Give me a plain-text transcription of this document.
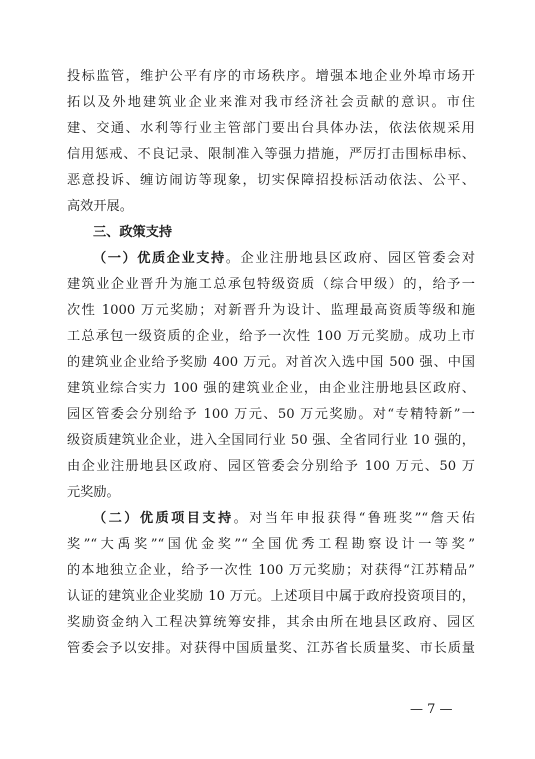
投标监管，维护公平有序的市场秩序。增强本地企业外埠市场开
拓以及外地建筑业企业来淮对我市经济社会贡献的意识。市住
建、交通、水利等行业主管部门要出台具体办法，依法依规采用
信用惩戒、不良记录、限制准入等强力措施，严厉打击围标串标、
恶意投诉、缠访闹访等现象，切实保障招投标活动依法、公平、
高效开展。
三、政策支持
（一）优质企业支持。企业注册地县区政府、园区管委会对
建筑业企业晋升为施工总承包特级资质（综合甲级）的，给予一
次性 1000 万元奖励；对新晋升为设计、监理最高资质等级和施
工总承包一级资质的企业，给予一次性 100 万元奖励。成功上市
的建筑业企业给予奖励 400 万元。对首次入选中国 500 强、中国
建筑业综合实力 100 强的建筑业企业，由企业注册地县区政府、
园区管委会分别给予 100 万元、50 万元奖励。对“专精特新”一
级资质建筑业企业，进入全国同行业 50 强、全省同行业 10 强的，
由企业注册地县区政府、园区管委会分别给予 100 万元、50 万
元奖励。
（二）优质项目支持。对当年申报获得“鲁班奖”“詹天佑
奖”“大禹奖”“国优金奖”“全国优秀工程勘察设计一等奖”
的本地独立企业，给予一次性 100 万元奖励；对获得“江苏精品”
认证的建筑业企业奖励 10 万元。上述项目中属于政府投资项目的，
奖励资金纳入工程决算统筹安排，其余由所在地县区政府、园区
管委会予以安排。对获得中国质量奖、江苏省长质量奖、市长质量
— 7 —
